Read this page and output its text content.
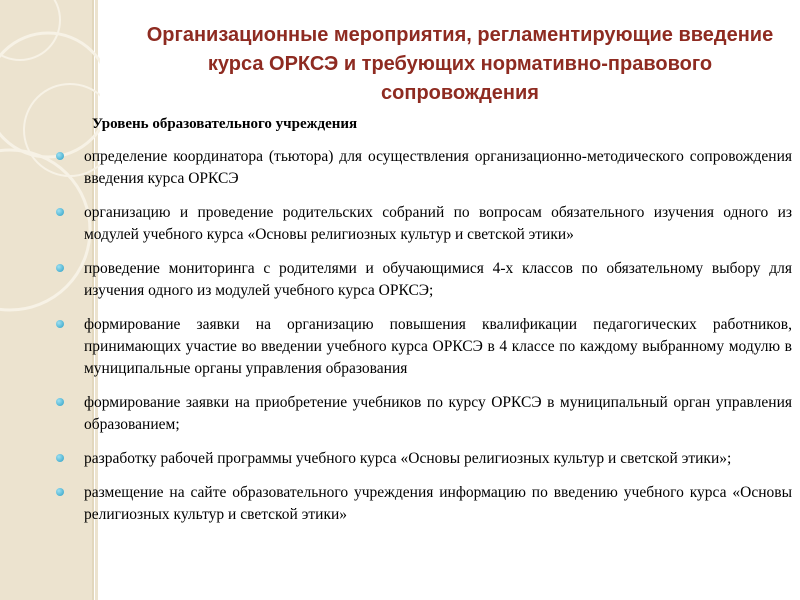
Организационные мероприятия, регламентирующие введение курса ОРКСЭ и требующих нормативно-правового сопровождения
Уровень образовательного учреждения
определение координатора (тьютора) для осуществления организационно-методического сопровождения введения курса ОРКСЭ
организацию и проведение родительских собраний по вопросам обязательного изучения одного из модулей учебного курса «Основы религиозных культур и светской этики»
проведение мониторинга с родителями и обучающимися 4-х классов по обязательному выбору для изучения одного из модулей учебного курса ОРКСЭ;
формирование заявки на организацию повышения квалификации педагогических работников, принимающих участие во введении учебного курса ОРКСЭ в 4 классе по каждому выбранному модулю в муниципальные органы управления образования
формирование заявки на приобретение учебников по курсу ОРКСЭ в муниципальный орган управления образованием;
разработку рабочей программы учебного курса «Основы религиозных культур и светской этики»;
размещение на сайте образовательного учреждения информацию по введению учебного курса «Основы религиозных культур и светской этики»
